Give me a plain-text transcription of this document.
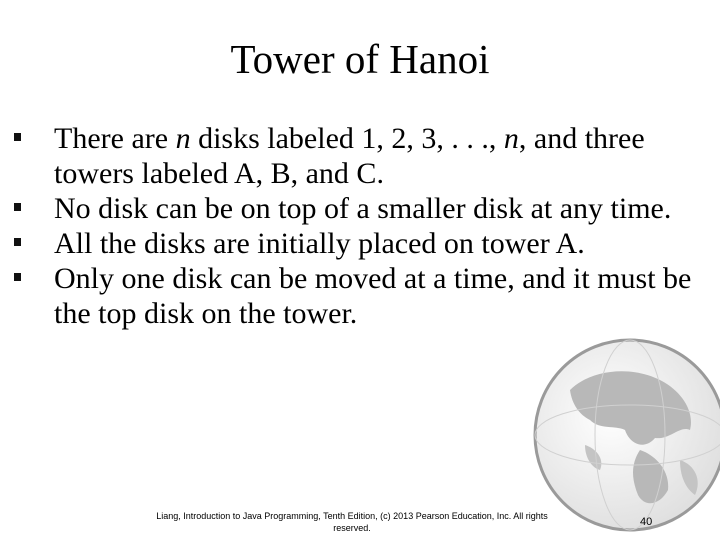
Tower of Hanoi
There are n disks labeled 1, 2, 3, . . ., n, and three towers labeled A, B, and C.
No disk can be on top of a smaller disk at any time.
All the disks are initially placed on tower A.
Only one disk can be moved at a time, and it must be the top disk on the tower.
Liang, Introduction to Java Programming, Tenth Edition, (c) 2013 Pearson Education, Inc. All rights reserved.	40
